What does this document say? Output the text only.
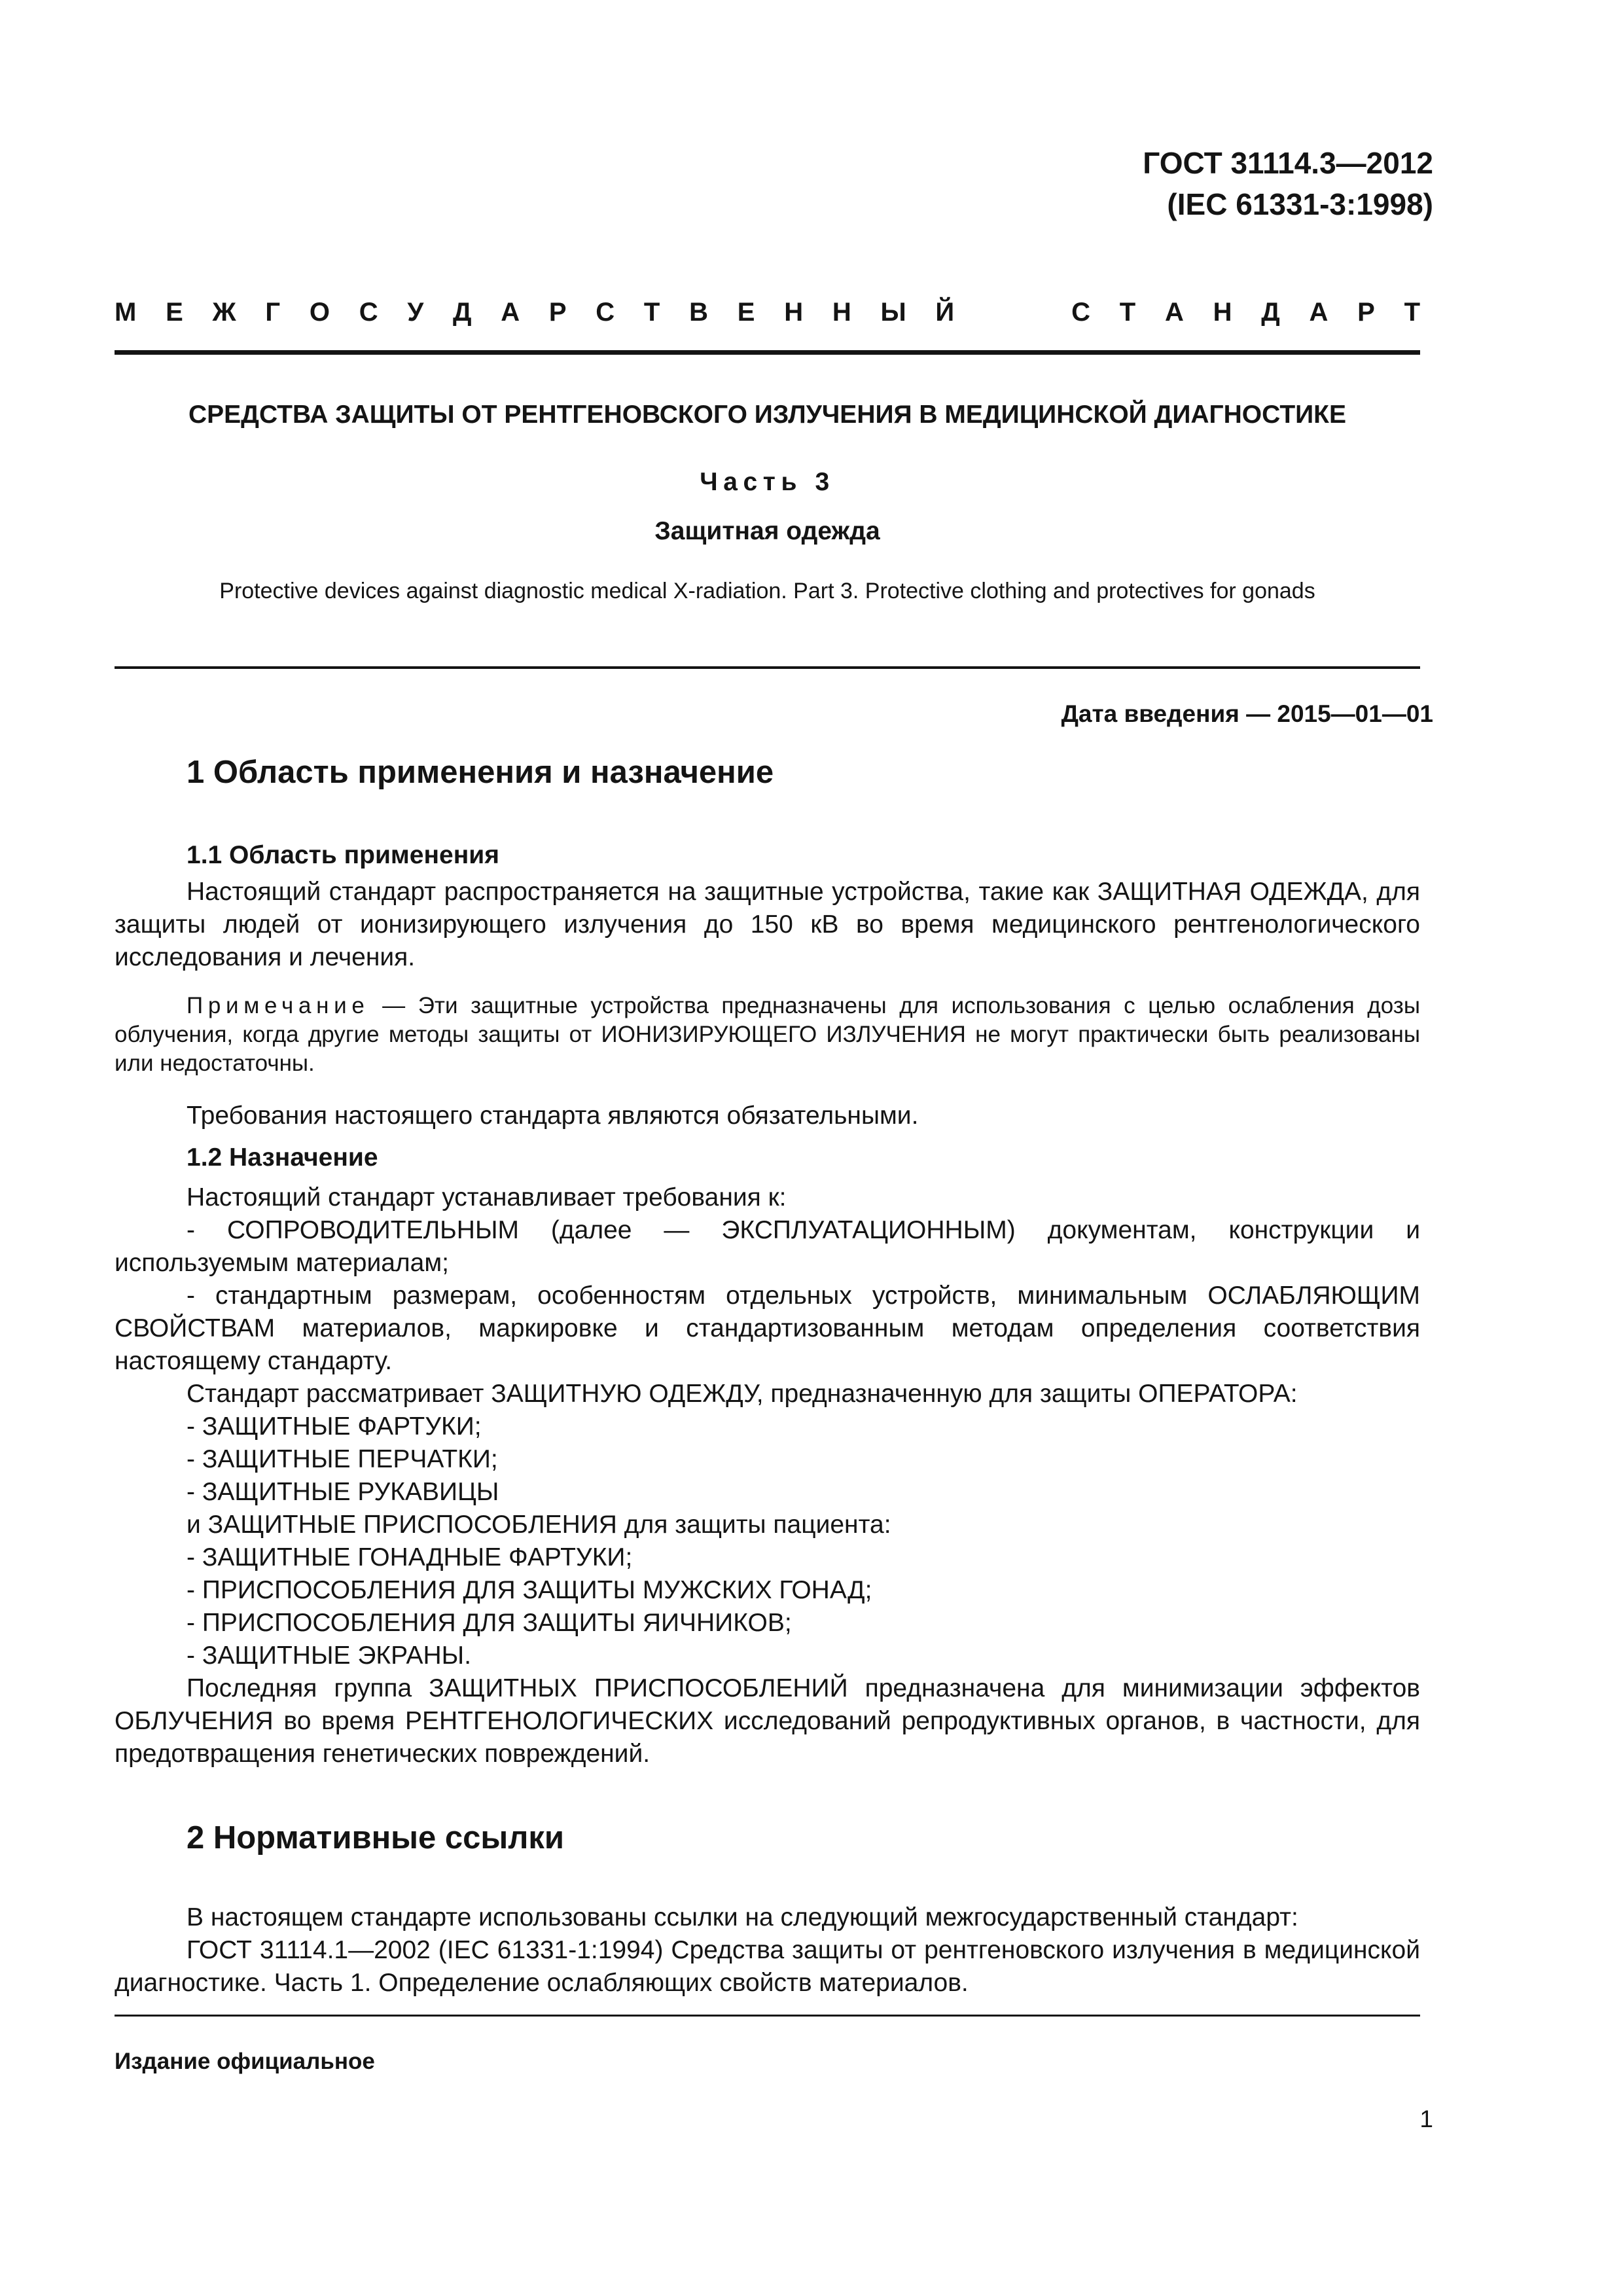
ГОСТ 31114.3—2012
(IEC 61331-3:1998)
М Е Ж Г О С У Д А Р С Т В Е Н Н Ы Й    С Т А Н Д А Р Т
СРЕДСТВА ЗАЩИТЫ ОТ РЕНТГЕНОВСКОГО ИЗЛУЧЕНИЯ В МЕДИЦИНСКОЙ ДИАГНОСТИКЕ
Часть 3
Защитная одежда
Protective devices against diagnostic medical X-radiation. Part 3. Protective clothing and protectives for gonads
Дата введения — 2015—01—01
1 Область применения и назначение
1.1 Область применения

Настоящий стандарт распространяется на защитные устройства, такие как ЗАЩИТНАЯ ОДЕЖДА, для защиты людей от ионизирующего излучения до 150 кВ во время медицинского рентгенологического исследования и лечения.

Примечание — Эти защитные устройства предназначены для использования с целью ослабления дозы облучения, когда другие методы защиты от ИОНИЗИРУЮЩЕГО ИЗЛУЧЕНИЯ не могут практически быть реализованы или недостаточны.

Требования настоящего стандарта являются обязательными.

1.2 Назначение

Настоящий стандарт устанавливает требования к:

- СОПРОВОДИТЕЛЬНЫМ (далее — ЭКСПЛУАТАЦИОННЫМ) документам, конструкции и используемым материалам;

- стандартным размерам, особенностям отдельных устройств, минимальным ОСЛАБЛЯЮЩИМ СВОЙСТВАМ материалов, маркировке и стандартизованным методам определения соответствия настоящему стандарту.

Стандарт рассматривает ЗАЩИТНУЮ ОДЕЖДУ, предназначенную для защиты ОПЕРАТОРА:

- ЗАЩИТНЫЕ ФАРТУКИ;

- ЗАЩИТНЫЕ ПЕРЧАТКИ;

- ЗАЩИТНЫЕ РУКАВИЦЫ

и ЗАЩИТНЫЕ ПРИСПОСОБЛЕНИЯ для защиты пациента:

- ЗАЩИТНЫЕ ГОНАДНЫЕ ФАРТУКИ;

- ПРИСПОСОБЛЕНИЯ ДЛЯ ЗАЩИТЫ МУЖСКИХ ГОНАД;

- ПРИСПОСОБЛЕНИЯ ДЛЯ ЗАЩИТЫ ЯИЧНИКОВ;

- ЗАЩИТНЫЕ ЭКРАНЫ.

Последняя группа ЗАЩИТНЫХ ПРИСПОСОБЛЕНИЙ предназначена для минимизации эффектов ОБЛУЧЕНИЯ во время РЕНТГЕНОЛОГИЧЕСКИХ исследований репродуктивных органов, в частности, для предотвращения генетических повреждений.

2 Нормативные ссылки

В настоящем стандарте использованы ссылки на следующий межгосударственный стандарт:

ГОСТ 31114.1—2002 (IEC 61331-1:1994) Средства защиты от рентгеновского излучения в медицинской диагностике. Часть 1. Определение ослабляющих свойств материалов.

Издание официальное
1
